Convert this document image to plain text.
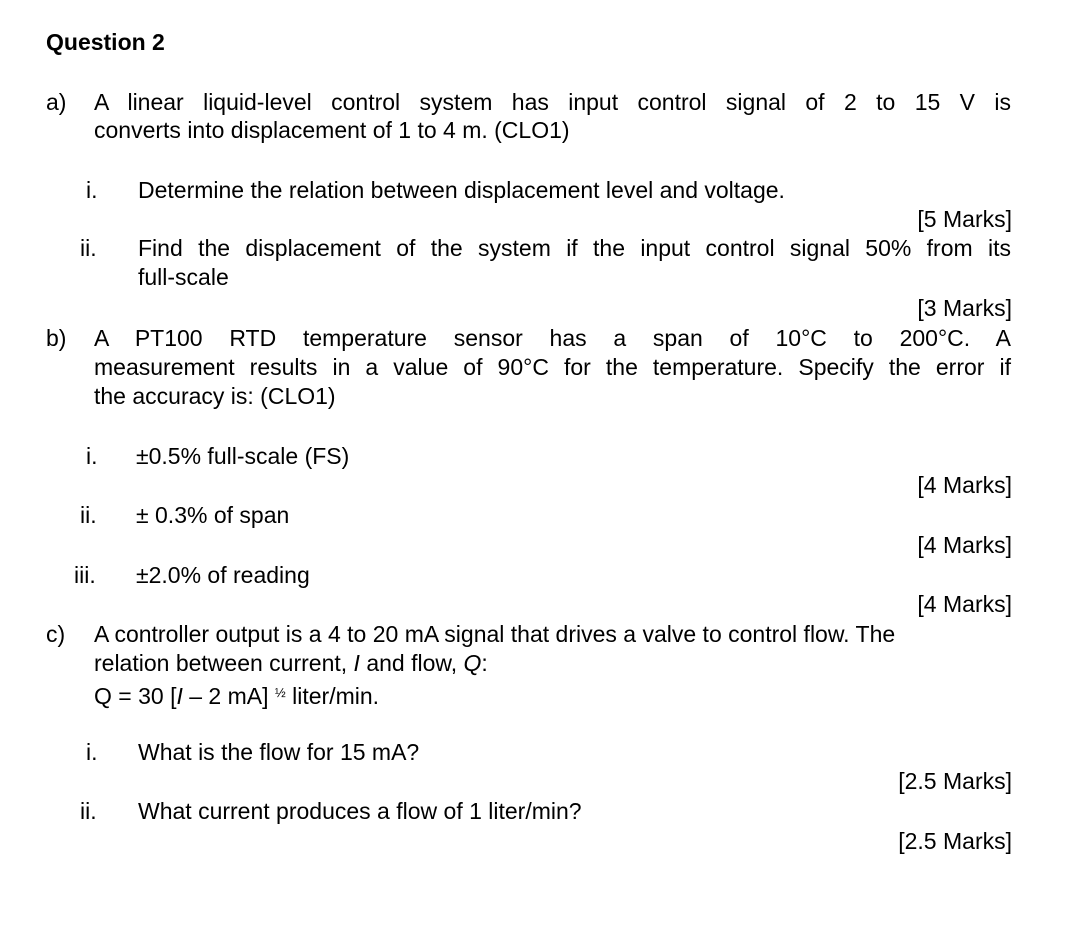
Question 2
a) A linear liquid-level control system has input control signal of 2 to 15 V is
converts into displacement of 1 to 4 m. (CLO1)
i. Determine the relation between displacement level and voltage.
[5 Marks]
ii. Find the displacement of the system if the input control signal 50% from its
full-scale
[3 Marks]
b) A PT100 RTD temperature sensor has a span of 10°C to 200°C. A
measurement results in a value of 90°C for the temperature. Specify the error if
the accuracy is: (CLO1)
i. ±0.5% full-scale (FS)
[4 Marks]
ii. ± 0.3% of span
[4 Marks]
iii. ±2.0% of reading
[4 Marks]
c) A controller output is a 4 to 20 mA signal that drives a valve to control flow. The
relation between current, I and flow, Q:
Q = 30 [I – 2 mA] $^{\frac{1}{2}}$ liter/min.
i. What is the flow for 15 mA?
[2.5 Marks]
ii. What current produces a flow of 1 liter/min?
[2.5 Marks]
